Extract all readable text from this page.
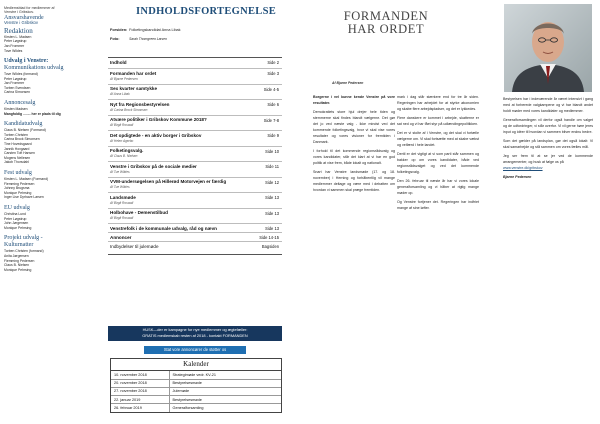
Medlemsblad for medlemmer af
Venstre i Gribskov.
Ansvarshavende
Venstre i Gribskov
Redaktion
Kirsten L. Madsen
Peter Løgstrup
Jan Frommer
Tove Wildes
Udvalg i Venstre:
Kommunikations udvalg
Tove Wildes (formand)
Peter Løgstrup
Jan Frommer
Torben Svendsen
Carina Simonsen
Annoncesalg
Kirsten Madsen
Mangfoldig ........ her er plads til dig
Kandidatudvalg
Claus B. Nielsen (Formand)
Torben Christen
Carina Brock Simonsen
Tine Hovedsgaard
Jannik Hovgaard
Carsten Toft Hansen
Mogens Nellesen
Jakob Thorsdahl
Fest udvalg
Kirsten L. Madsen (Formand)
Flemming Pedersen
Johnny Brugsma
Monique Pehrsing
Inger Lise Dyrhave Larsen
EU udvalg
Christina Lund
Peter Løgstrup
John Jørgensen
Monique Pehrsing
Projekt udvalg -
Kulturnatter
Torben Christen (formand)
Anita Jørgensen
Flemming Pedersen
Claus B. Nielsen
Monique Pehrsing
INDHOLDSFORTEGNELSE
Forsiden: Folketingskandidat Anna Libak
Foto:	Sarah Thorngreen Larsen
Indhold	Side 2
Formanden har ordet
Af Bjarne Pedersen
Side 3
Sex kvarter samtykke
Af Anna Libak
Side 4-5
Nyt fra Regionsbestyrelsen
Af Carina Brock Simonsen
Side 6
Atvære politiker i Gribskov Kommune 2018?
Af Birgit Roswall
Side 7-8
Det opdigtede - en aktiv borger i Gribskov
Af Helen Agerbo
Side 9
Folketingsvalg.
Af Claus B. Nielsen
Side 10
Venstre i Gribskov på de sociale medier
Af Tue Wildes
Side 11
VVM-undersøgelsen på Hillerød Motorvejen er færdig
Af Tue Wildes
Side 12
Landsmøde
Af Birgit Roswall
Side 13
Holbohave - Demenstilbud
Af Birgit Roswall
Side 13
Venstrefolk i de kommunale udvalg, råd og nævn	Side 13
Annoncer	Side 14-15
Indbydelser til julemøde	Bagsiden
HUSK—der er kampagne for nye medlemmer og ægtefæller:
GRATIS medlemskab resten af 2018 - kontakt FORMANDEN
Stat vore annoncører de støtter os
Kalender
10. november 2018	Strategimøde vedr. KV-21
20. november 2018	Bestyrelsesmøde
27. november 2018	Julemøde
22. januar 2019	Bestyrelsesmøde
26. februar 2019	Generalforsamling
FORMANDEN
HAR ORDET
Af Bjarne Pedersen

Borgerne i vel kunne kende Venstre på vore resultater.

Demokratiets store hjul drejer hele tiden og stemmerne skal findes blandt vælgerne. Det gør det jo ved næste valg - ikke mindst ved det kommende folketingsvalg, hvor vi skal vise vores resultater og vores visioner for fremtiden i Danmark.

I forhold til det kommende regionsrådsvalg og vores kandidater, står det klart at vi har en god politik at vise frem, både lokalt og nationalt.

Snart har Venstre landsmøde (17. og 18. november) i Herning og forhåbentlig vil mange medlemmer deltage og være med i debatten om hvordan vi sammen skal præge fremtiden.

mark i dag står stærkere end for tre år siden. Regeringen har arbejdet for at styrke økonomien og skabe flere arbejdspladser, og det er lykkedes.

Flere danskere er kommet i arbejde, skatterne er sat ned og vi har fået styr på udlændingepolitikken.

Det er vi stolte af i Venstre, og det skal vi fortælle vælgerne om. Vi skal fortsætte med at skabe vækst og velfærd i hele landet.

Dertil er det vigtigt at vi som parti står sammen og bakker op om vores kandidater, både ved regionsrådsvalget og ved det kommende folketingsvalg.

Den 26. februar til næste år har vi vores lokale generalforsamling og vi håber at rigtig mange møder op.

Og Venstre fortjener det. Regeringen har indfriet mange af sine løfter.

Bestyrelsen har i indeværende år været intensivt i gang med at forberede valgkampene og vi har blandt andet holdt møder med vores kandidater og medlemmer.

Generalforsamlingen vil derfor også handle om valget og de udfordringer, vi står overfor. Vi vil gerne høre jeres input og idéer til hvordan vi sammen bliver endnu bedre.

Som det gælder på landsplan, gør det også lokalt: Vi skal samarbejde og stå sammen om vores fælles mål.

Jeg ser frem til at se jer ved de kommende arrangementer, og husk at følge os på

www.venstre.dk/gribskov

Bjarne Pedersen
